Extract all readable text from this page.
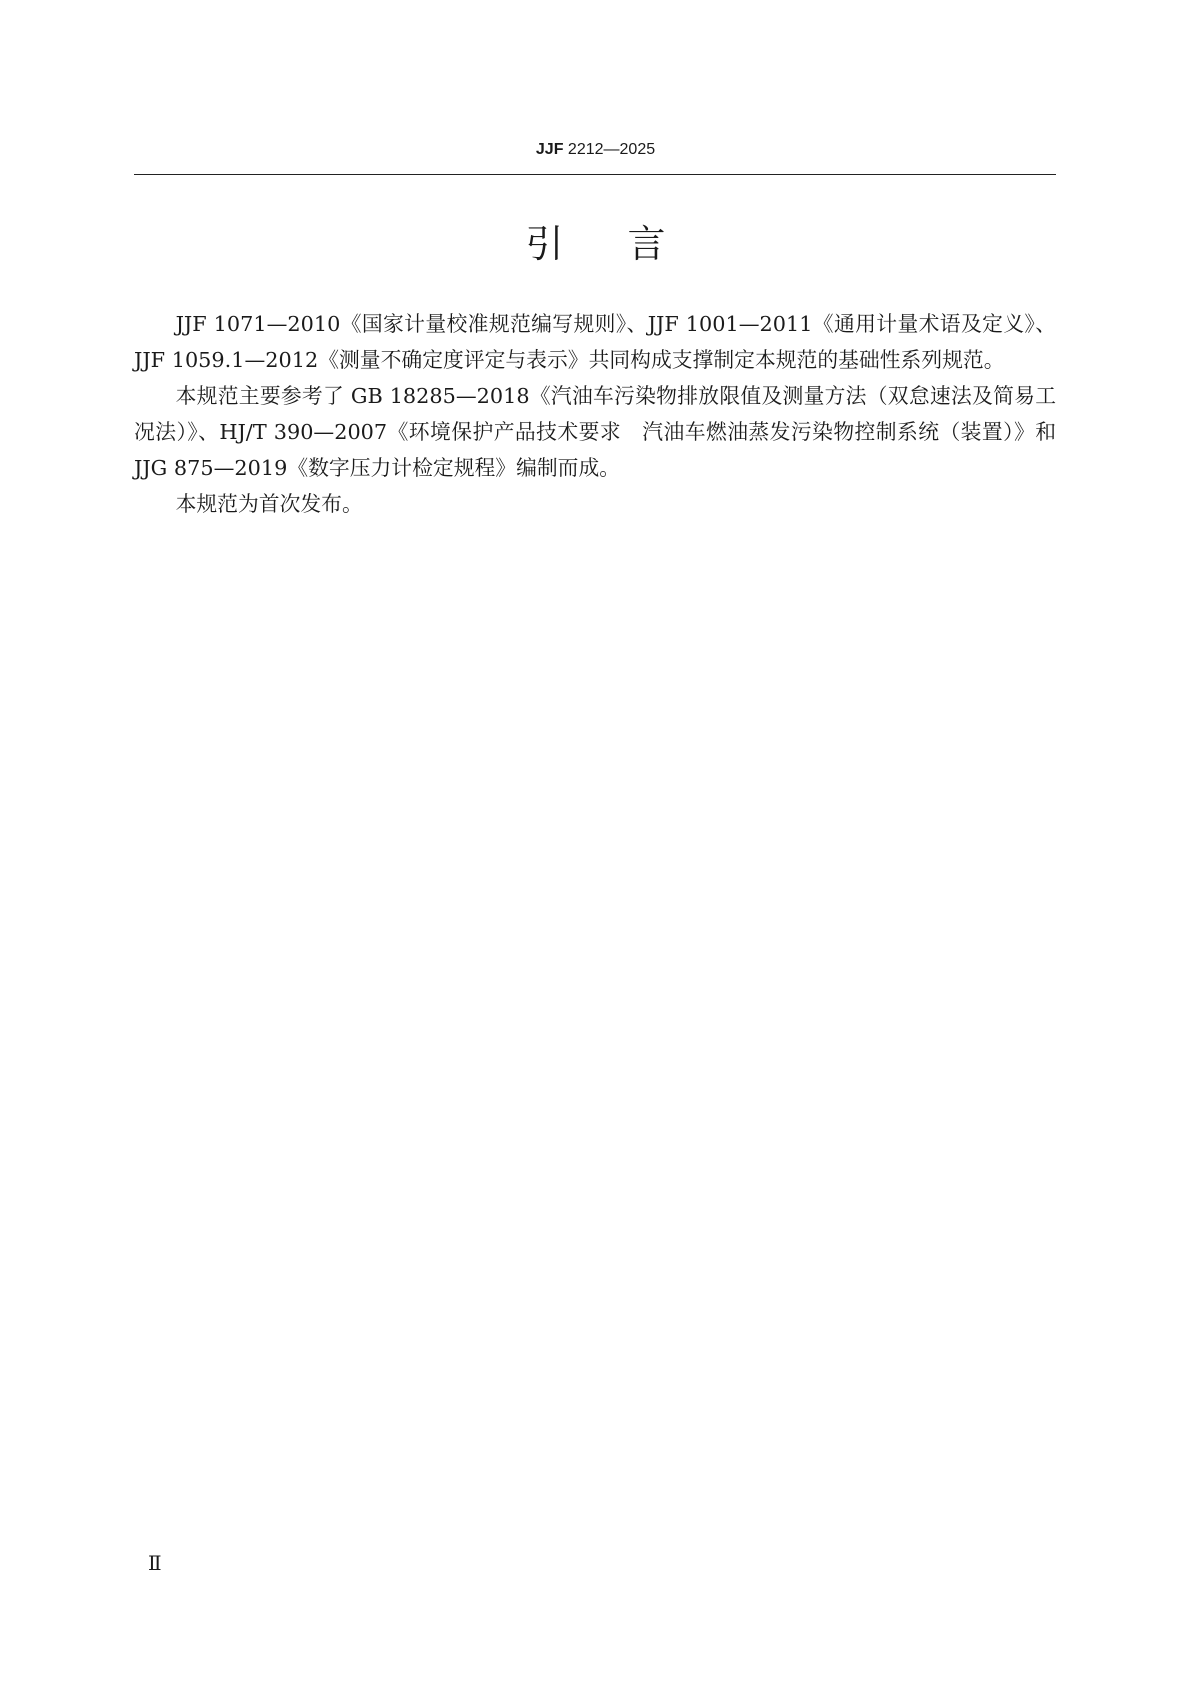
JJF 2212—2025
引言

JJF 1071—2010《国家计量校准规范编写规则》、JJF 1001—2011《通用计量术语及定义》、JJF 1059.1—2012《测量不确定度评定与表示》共同构成支撑制定本规范的基础性系列规范。

本规范主要参考了 GB 18285—2018《汽油车污染物排放限值及测量方法（双怠速法及简易工况法）》、HJ/T 390—2007《环境保护产品技术要求　汽油车燃油蒸发污染物控制系统（装置）》和 JJG 875—2019《数字压力计检定规程》编制而成。

本规范为首次发布。

Ⅱ
